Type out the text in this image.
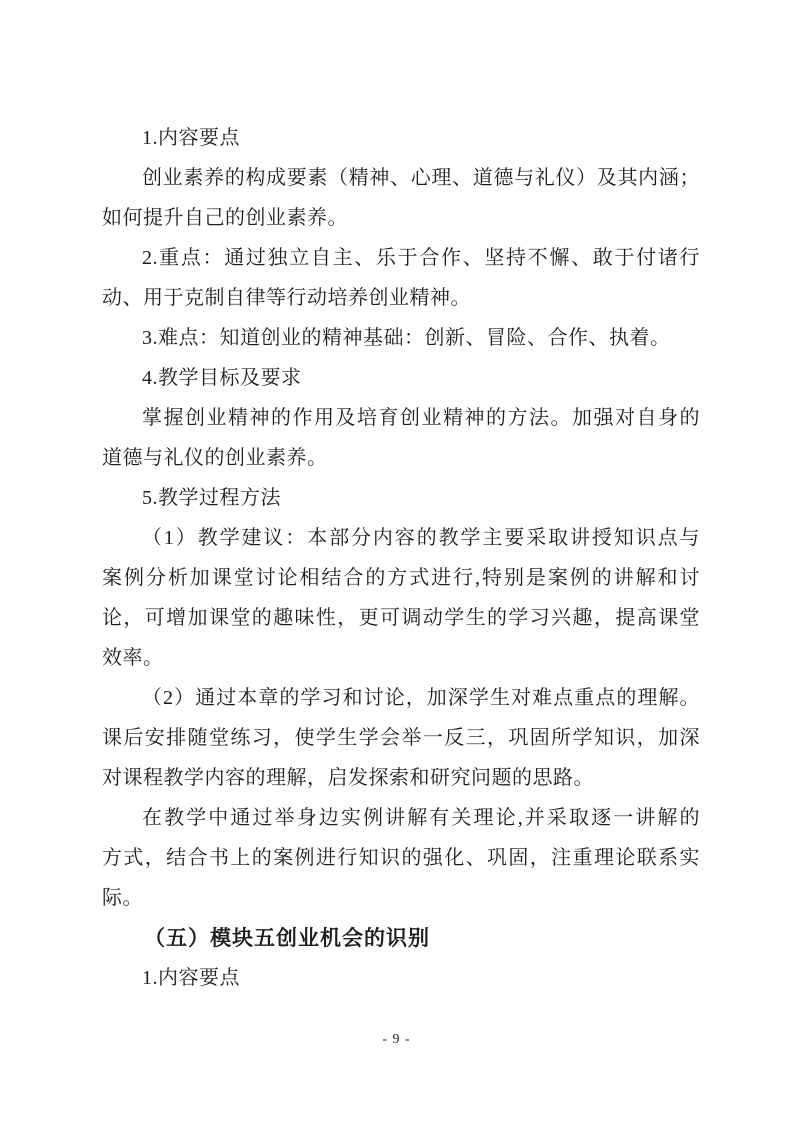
1.内容要点
创业素养的构成要素（精神、心理、道德与礼仪）及其内涵；
如何提升自己的创业素养。
2.重点：通过独立自主、乐于合作、坚持不懈、敢于付诸行
动、用于克制自律等行动培养创业精神。
3.难点：知道创业的精神基础：创新、冒险、合作、执着。
4.教学目标及要求
掌握创业精神的作用及培育创业精神的方法。加强对自身的
道德与礼仪的创业素养。
5.教学过程方法
（1）教学建议：本部分内容的教学主要采取讲授知识点与
案例分析加课堂讨论相结合的方式进行,特别是案例的讲解和讨
论，可增加课堂的趣味性，更可调动学生的学习兴趣，提高课堂
效率。
（2）通过本章的学习和讨论，加深学生对难点重点的理解。
课后安排随堂练习，使学生学会举一反三，巩固所学知识，加深
对课程教学内容的理解，启发探索和研究问题的思路。
在教学中通过举身边实例讲解有关理论,并采取逐一讲解的
方式，结合书上的案例进行知识的强化、巩固，注重理论联系实
际。
（五）模块五创业机会的识别
1.内容要点
- 9 -
